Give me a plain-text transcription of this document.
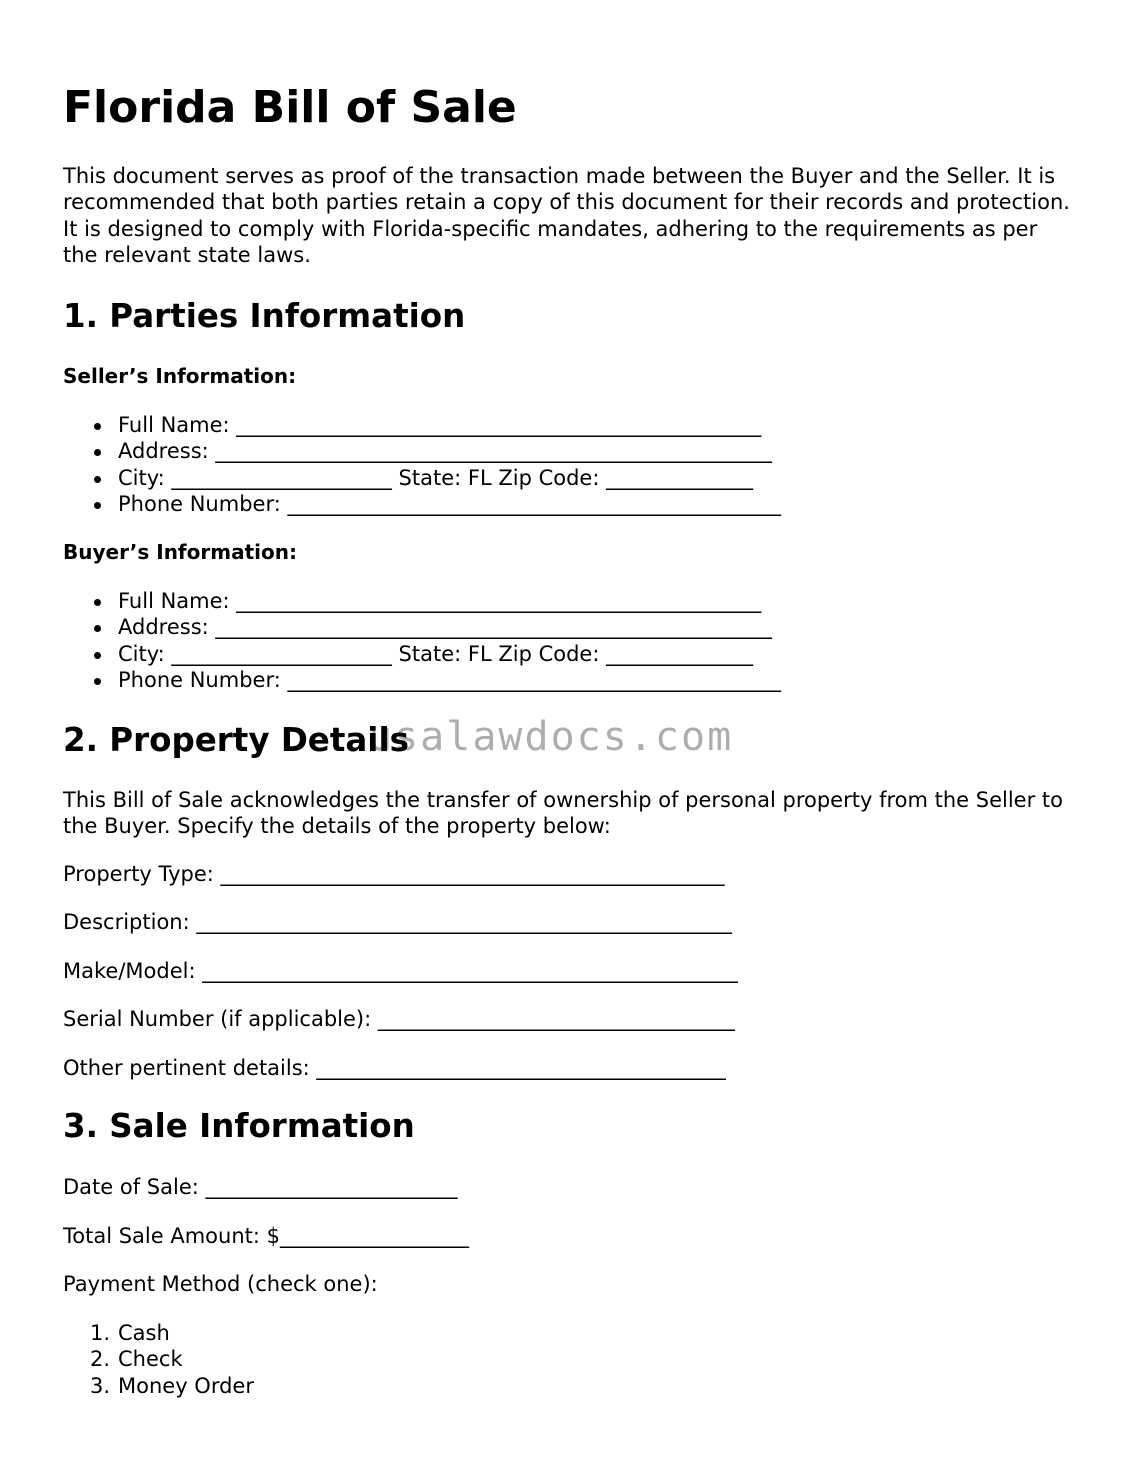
Florida Bill of Sale

This document serves as proof of the transaction made between the Buyer and the Seller. It is recommended that both parties retain a copy of this document for their records and protection. It is designed to comply with Florida-specific mandates, adhering to the requirements as per the relevant state laws.

1. Parties Information
Seller’s Information:
Full Name: __________________________________________________
Address: _____________________________________________________
City: _____________________ State: FL Zip Code: ______________
Phone Number: _______________________________________________
Buyer’s Information:
Full Name: __________________________________________________
Address: _____________________________________________________
City: _____________________ State: FL Zip Code: ______________
Phone Number: _______________________________________________
2. Property Details

This Bill of Sale acknowledges the transfer of ownership of personal property from the Seller to the Buyer. Specify the details of the property below:

Property Type: ________________________________________________

Description: ___________________________________________________

Make/Model: ___________________________________________________

Serial Number (if applicable): __________________________________

Other pertinent details: _______________________________________

3. Sale Information

Date of Sale: ________________________

Total Sale Amount: $__________________

Payment Method (check one):

1. Cash
2. Check
3. Money Order
usalawdocs.com
